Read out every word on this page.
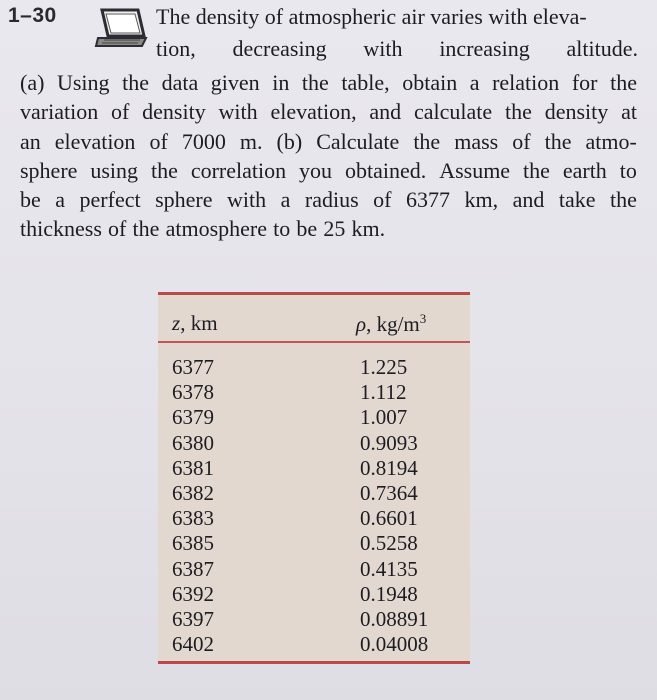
1–30	The density of atmospheric air varies with eleva-
tion, decreasing with increasing altitude.
(a) Using the data given in the table, obtain a relation for the
variation of density with elevation, and calculate the density at
an elevation of 7000 m. (b) Calculate the mass of the atmo-
sphere using the correlation you obtained. Assume the earth to
be a perfect sphere with a radius of 6377 km, and take the
thickness of the atmosphere to be 25 km.
z, km	ρ, $kg/m^3$
6377	1.225
6378	1.112
6379	1.007
6380	0.9093
6381	0.8194
6382	0.7364
6383	0.6601
6385	0.5258
6387	0.4135
6392	0.1948
6397	0.08891
6402	0.04008
